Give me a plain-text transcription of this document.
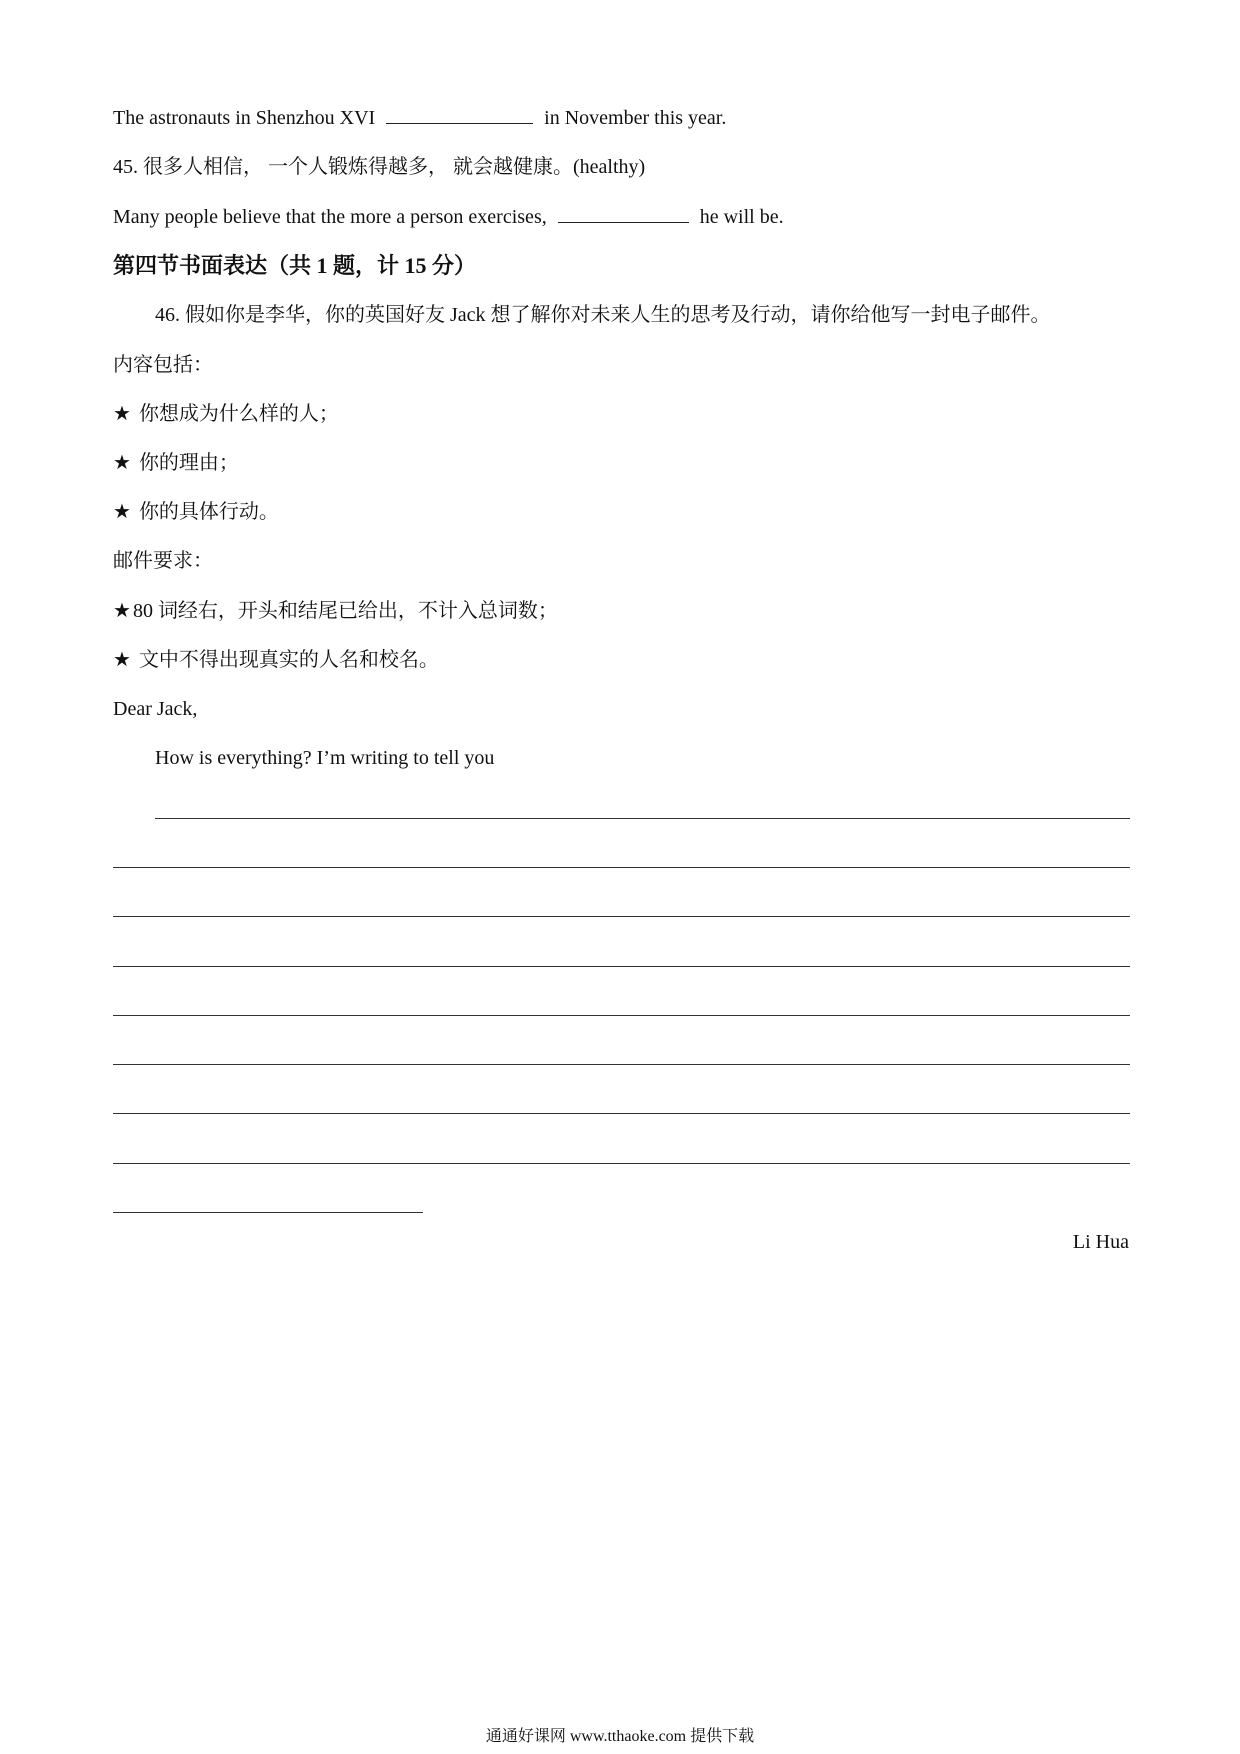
The astronauts in Shenzhou XVI	in November this year.
45. 很多人相信， 一个人锻炼得越多， 就会越健康。(healthy)
Many people believe that the more a person exercises,	he will be.
第四节书面表达（共 1 题，计 15 分）
46. 假如你是李华，你的英国好友 Jack 想了解你对未来人生的思考及行动，请你给他写一封电子邮件。
内容包括：
★ 你想成为什么样的人；
★ 你的理由；
★ 你的具体行动。
邮件要求：
★ 80 词经右，开头和结尾已给出，不计入总词数；
★ 文中不得出现真实的人名和校名。
Dear Jack,
How is everything? I’m writing to tell you
Li Hua
通通好课网 www.tthaoke.com 提供下载
